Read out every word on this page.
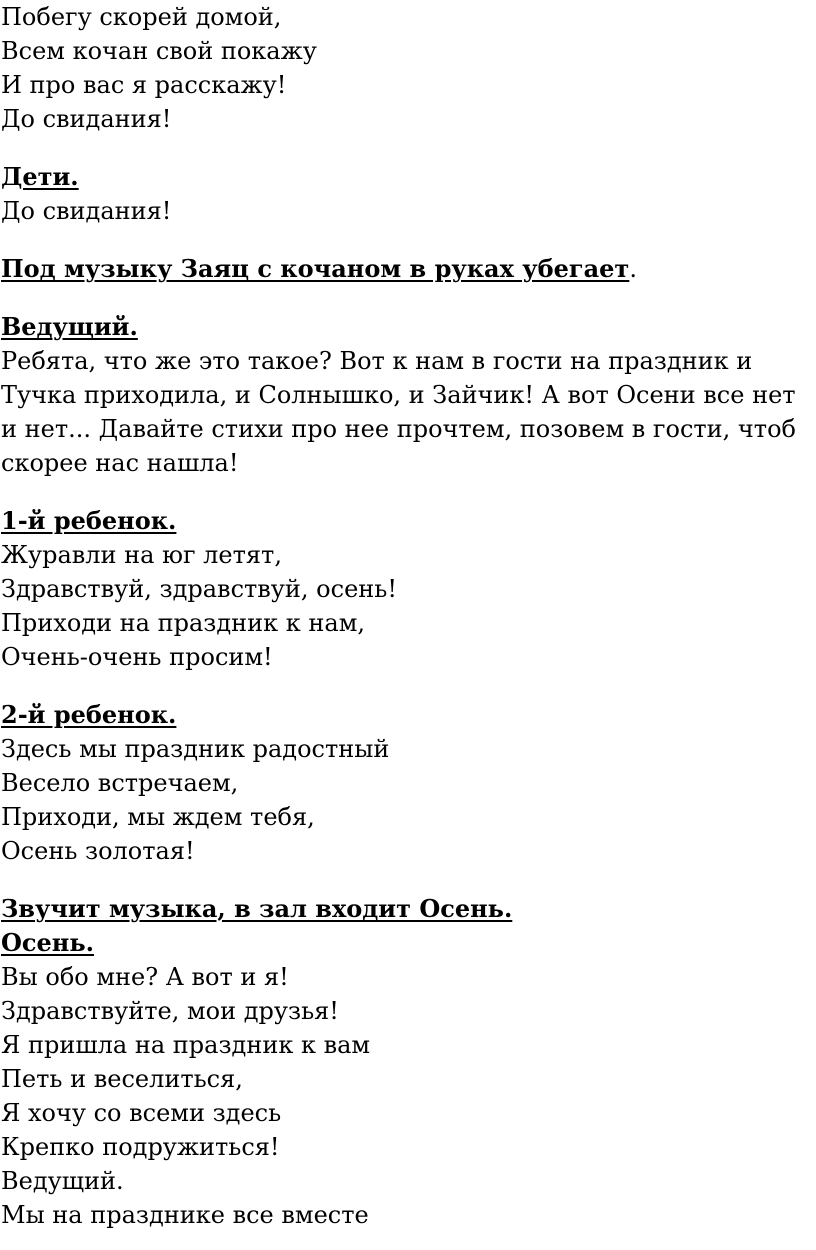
Побегу скорей домой,
Всем кочан свой покажу
И про вас я расскажу!
До свидания!
Дети.
До свидания!
Под музыку Заяц с кочаном в руках убегает.
Ведущий.
Ребята, что же это такое? Вот к нам в гости на праздник и
Тучка приходила, и Солнышко, и Зайчик! А вот Осени все нет
и нет... Давайте стихи про нее прочтем, позовем в гости, чтоб
скорее нас нашла!
1-й ребенок.
Журавли на юг летят,
Здравствуй, здравствуй, осень!
Приходи на праздник к нам,
Очень-очень просим!
2-й ребенок.
Здесь мы праздник радостный
Весело встречаем,
Приходи, мы ждем тебя,
Осень золотая!
Звучит музыка, в зал входит Осень.
Осень.
Вы обо мне? А вот и я!
Здравствуйте, мои друзья!
Я пришла на праздник к вам
Петь и веселиться,
Я хочу со всеми здесь
Крепко подружиться!
Ведущий.
Мы на празднике все вместе
